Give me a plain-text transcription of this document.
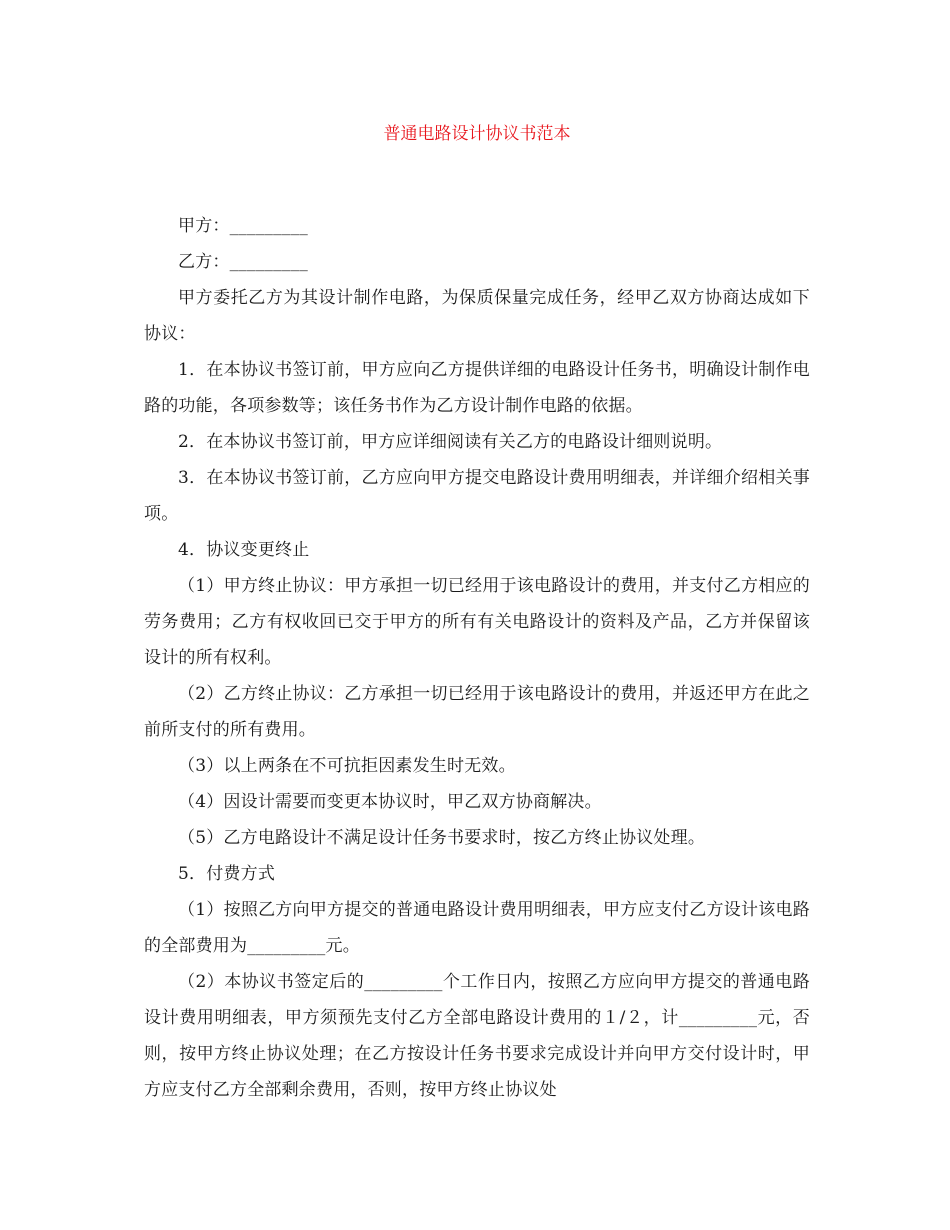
普通电路设计协议书范本

甲方：_________

乙方：_________

甲方委托乙方为其设计制作电路，为保质保量完成任务，经甲乙双方协商达成如下协议：

1．在本协议书签订前，甲方应向乙方提供详细的电路设计任务书，明确设计制作电路的功能，各项参数等；该任务书作为乙方设计制作电路的依据。

2．在本协议书签订前，甲方应详细阅读有关乙方的电路设计细则说明。

3．在本协议书签订前，乙方应向甲方提交电路设计费用明细表，并详细介绍相关事项。

4．协议变更终止

（1）甲方终止协议：甲方承担一切已经用于该电路设计的费用，并支付乙方相应的劳务费用；乙方有权收回已交于甲方的所有有关电路设计的资料及产品，乙方并保留该设计的所有权利。

（2）乙方终止协议：乙方承担一切已经用于该电路设计的费用，并返还甲方在此之前所支付的所有费用。

（3）以上两条在不可抗拒因素发生时无效。

（4）因设计需要而变更本协议时，甲乙双方协商解决。

（5）乙方电路设计不满足设计任务书要求时，按乙方终止协议处理。

5．付费方式

（1）按照乙方向甲方提交的普通电路设计费用明细表，甲方应支付乙方设计该电路的全部费用为_________元。

（2）本协议书签定后的_________个工作日内，按照乙方应向甲方提交的普通电路设计费用明细表，甲方须预先支付乙方全部电路设计费用的１/２，计_________元，否则，按甲方终止协议处理；在乙方按设计任务书要求完成设计并向甲方交付设计时，甲方应支付乙方全部剩余费用，否则，按甲方终止协议处
